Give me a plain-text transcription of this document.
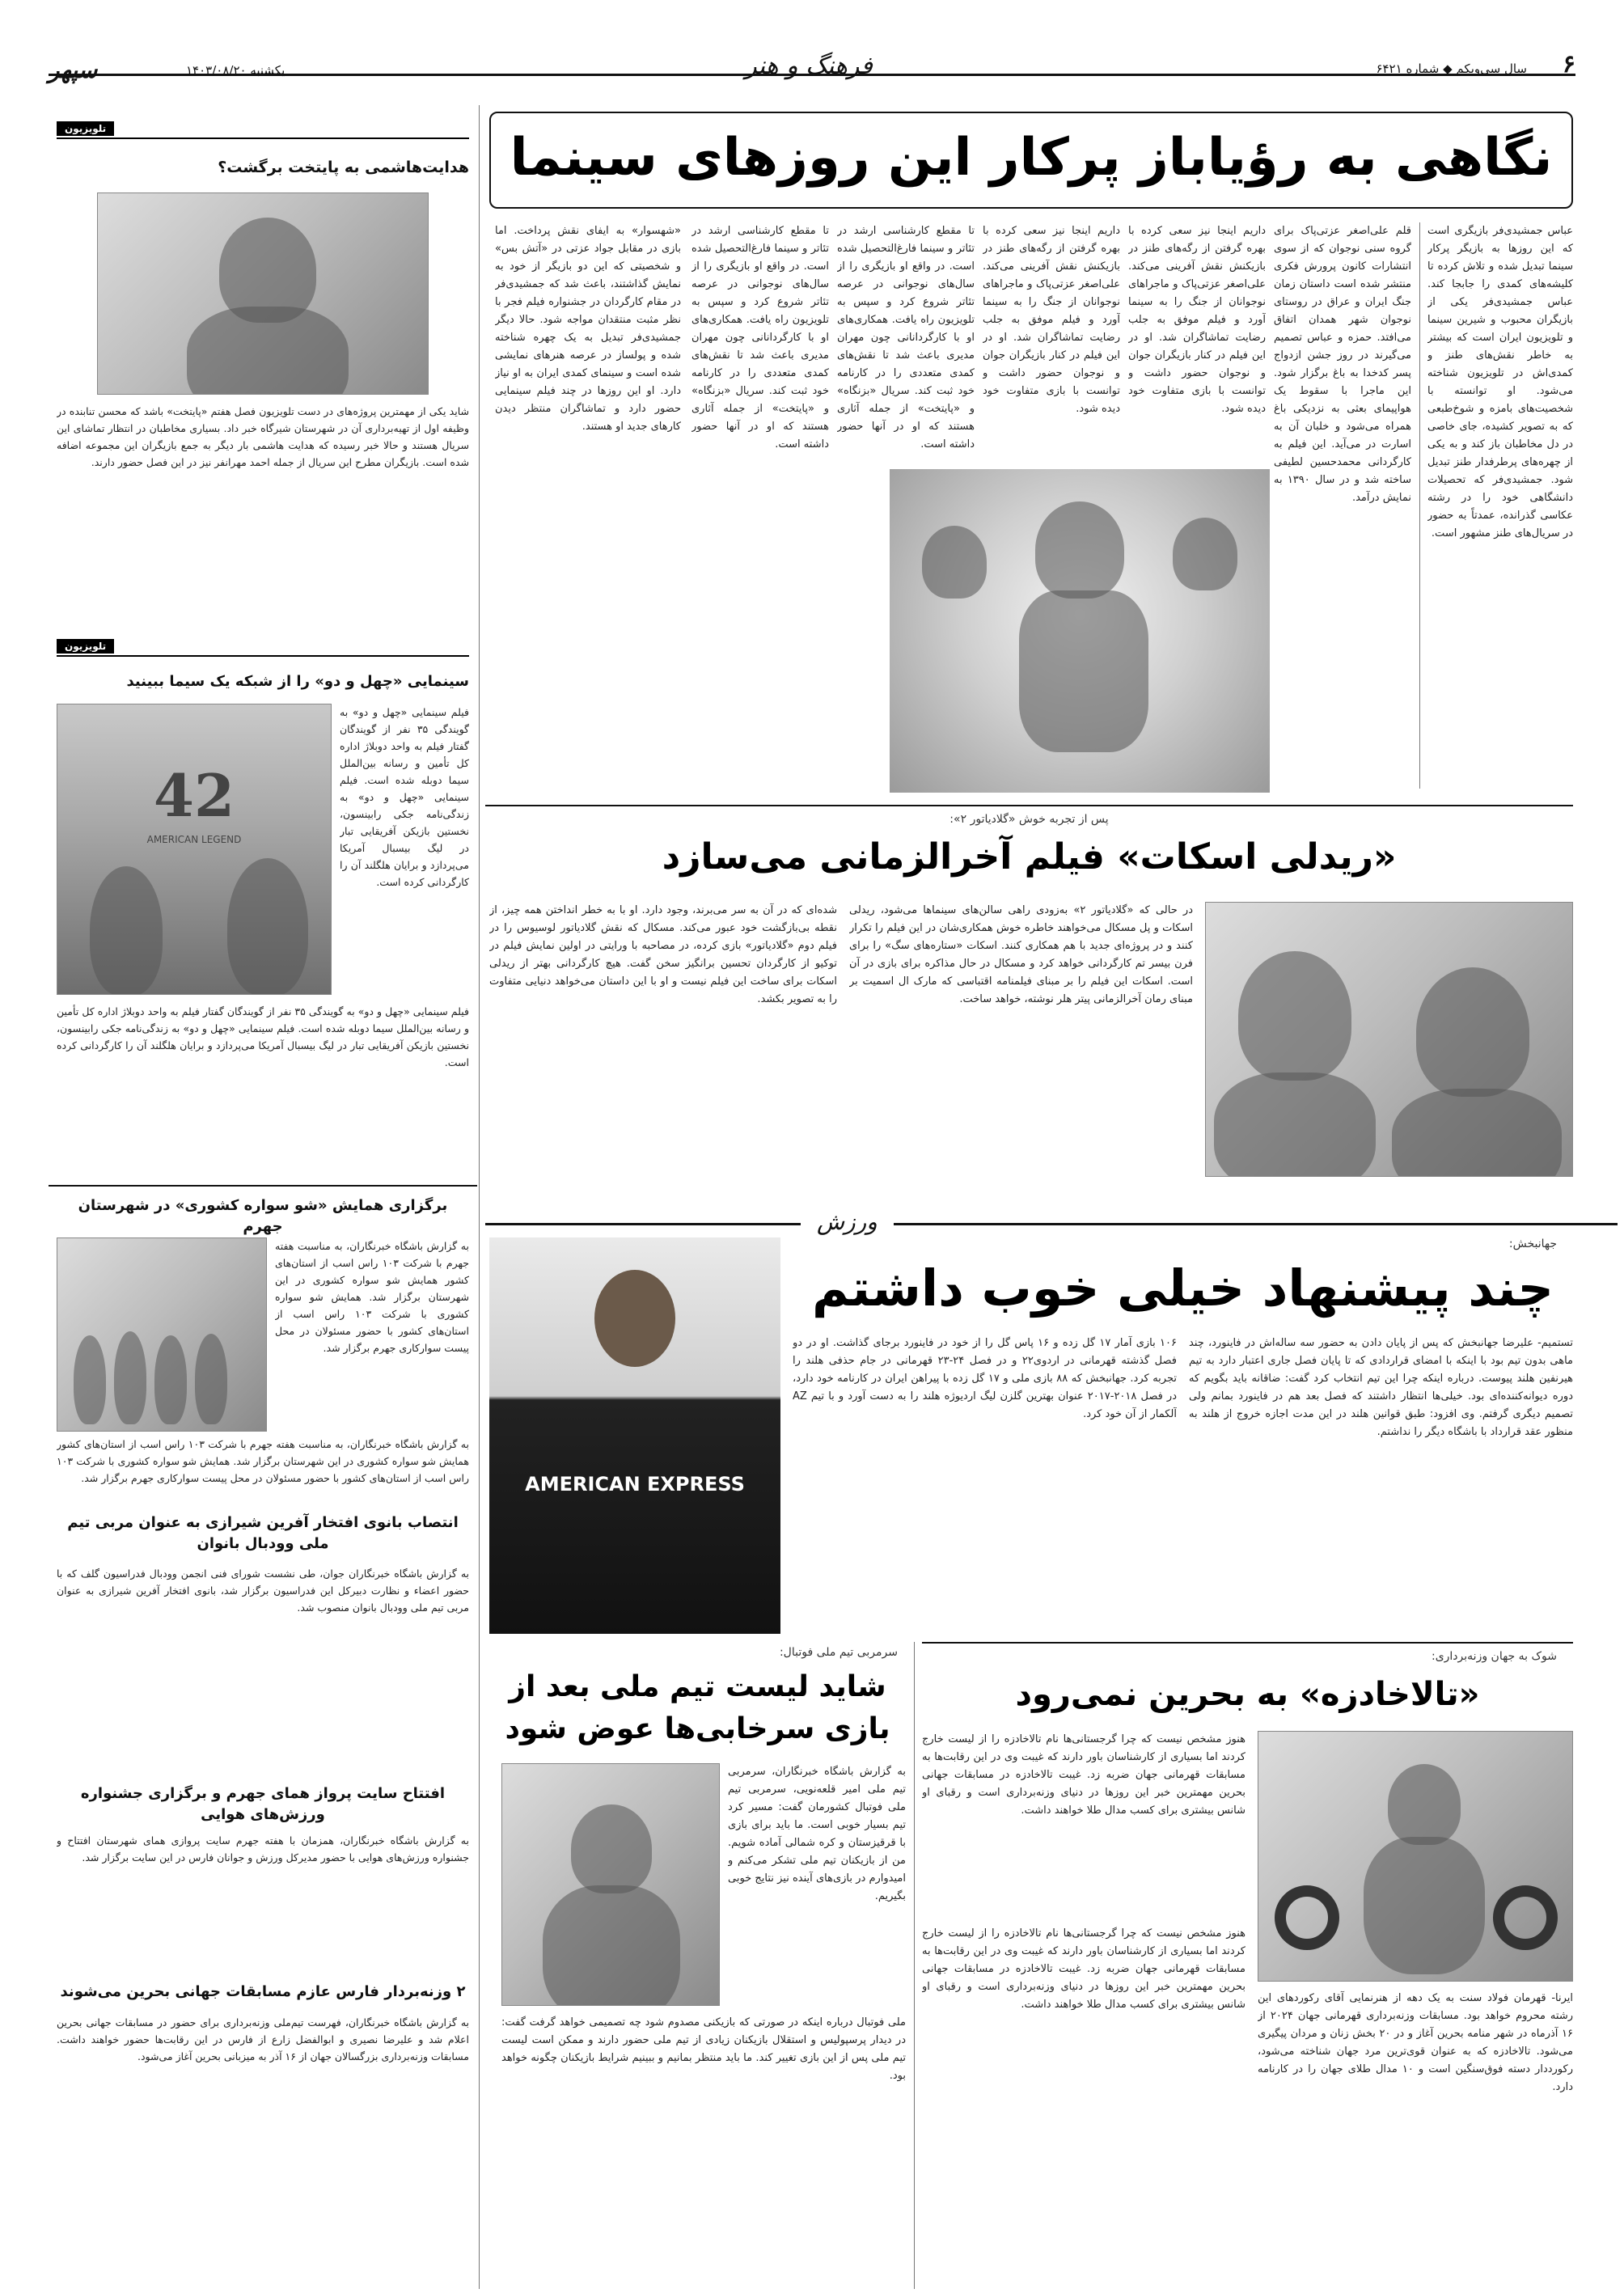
۶
سال سی‌ویکم ◆ شماره ۶۴۲۱
فرهنگ و هنر
سپهر	یکشنبه ۱۴۰۳/۰۸/۲۰
تلویزیون
هدایت‌هاشمی به پایتخت برگشت؟
شاید یکی از مهمترین پروژه‌های در دست تلویزیون فصل هفتم «پایتخت» باشد که محسن تنابنده در وظیفه اول از تهیه‌برداری آن در شهرستان شیرگاه خبر داد. بسیاری مخاطبان در انتظار تماشای این سریال هستند و حالا خبر رسیده که هدایت هاشمی بار دیگر به جمع بازیگران این مجموعه اضافه شده است. بازیگران مطرح این سریال از جمله احمد مهرانفر نیز در این فصل حضور دارند.
تلویزیون
سینمایی «چهل و دو» را از شبکه یک سیما ببینید
42
AMERICAN LEGEND
فیلم سینمایی «چهل و دو» به گویندگی ۳۵ نفر از گویندگان گفتار فیلم به واحد دوبلاژ اداره کل تأمین و رسانه بین‌الملل سیما دوبله شده است. فیلم سینمایی «چهل و دو» به زندگی‌نامه جکی رابینسون، نخستین بازیکن آفریقایی تبار در لیگ بیسبال آمریکا می‌پردازد و برایان هلگلند آن را کارگردانی کرده است.
فیلم سینمایی «چهل و دو» به گویندگی ۳۵ نفر از گویندگان گفتار فیلم به واحد دوبلاژ اداره کل تأمین و رسانه بین‌الملل سیما دوبله شده است. فیلم سینمایی «چهل و دو» به زندگی‌نامه جکی رابینسون، نخستین بازیکن آفریقایی تبار در لیگ بیسبال آمریکا می‌پردازد و برایان هلگلند آن را کارگردانی کرده است.
برگزاری همایش «شو سواره کشوری» در شهرستان جهرم
به گزارش باشگاه خبرنگاران، به مناسبت هفته جهرم با شرکت ۱۰۳ راس اسب از استان‌های کشور همایش شو سواره کشوری در این شهرستان برگزار شد. همایش شو سواره کشوری با شرکت ۱۰۳ راس اسب از استان‌های کشور با حضور مسئولان در محل پیست سوارکاری جهرم برگزار شد.
به گزارش باشگاه خبرنگاران، به مناسبت هفته جهرم با شرکت ۱۰۳ راس اسب از استان‌های کشور همایش شو سواره کشوری در این شهرستان برگزار شد. همایش شو سواره کشوری با شرکت ۱۰۳ راس اسب از استان‌های کشور با حضور مسئولان در محل پیست سوارکاری جهرم برگزار شد.
انتصاب بانوی افتخار آفرین شیرازی به عنوان مربی تیم ملی وودبال بانوان
به گزارش باشگاه خبرنگاران جوان، طی نشست شورای فنی انجمن وودبال فدراسیون گلف که با حضور اعضاء و نظارت دبیرکل این فدراسیون برگزار شد، بانوی افتخار آفرین شیرازی به عنوان مربی تیم ملی وودبال بانوان منصوب شد.
افتتاح سایت پرواز همای جهرم و برگزاری جشنواره ورزش‌های هوایی
به گزارش باشگاه خبرنگاران، همزمان با هفته جهرم سایت پروازی همای شهرستان افتتاح و جشنواره ورزش‌های هوایی با حضور مدیرکل ورزش و جوانان فارس در این سایت برگزار شد.
۲ وزنه‌بردار فارس عازم مسابقات جهانی بحرین می‌شوند
به گزارش باشگاه خبرنگاران، فهرست تیم‌ملی وزنه‌برداری برای حضور در مسابقات جهانی بحرین اعلام شد و علیرضا نصیری و ابوالفضل زارع از فارس در این رقابت‌ها حضور خواهند داشت. مسابقات وزنه‌برداری بزرگسالان جهان از ۱۶ آذر به میزبانی بحرین آغاز می‌شود.
نگاهی به رؤیاباز پرکار این روزهای سینما
عباس جمشیدی‌فر بازیگری است که این روزها به بازیگر پرکار سینما تبدیل شده و تلاش کرده تا کلیشه‌های کمدی را جابجا کند. عباس جمشیدی‌فر یکی از بازیگران محبوب و شیرین سینما و تلویزیون ایران است که بیشتر به خاطر نقش‌های طنز و کمدی‌اش در تلویزیون شناخته می‌شود. او توانسته با شخصیت‌های بامزه و شوخ‌طبعی که به تصویر کشیده، جای خاصی در دل مخاطبان باز کند و به یکی از چهره‌های پرطرفدار طنز تبدیل شود. جمشیدی‌فر که تحصیلات دانشگاهی خود را در رشته عکاسی گذرانده، عمدتاً به حضور در سریال‌های طنز مشهور است.
قلم علی‌اصغر عزتی‌پاک برای گروه سنی نوجوان که از سوی انتشارات کانون پرورش فکری منتشر شده است داستان زمان جنگ ایران و عراق در روستای نوجوان شهر همدان اتفاق می‌افتد. حمزه و عباس تصمیم می‌گیرند در روز جشن ازدواج پسر کدخدا به باغ برگزار شود. این ماجرا با سقوط یک هواپیمای بعثی به نزدیکی باغ همراه می‌شود و خلبان آن به اسارت در می‌آید. این فیلم به کارگردانی محمدحسین لطیفی ساخته شد و در سال ۱۳۹۰ به نمایش درآمد.
داریم اینجا نیز سعی کرده با بهره گرفتن از رگه‌های طنز در بازیکنش نقش آفرینی می‌کند. علی‌اصغر عزتی‌پاک و ماجراهای نوجوانان از جنگ را به سینما آورد و فیلم موفق به جلب رضایت تماشاگران شد. او در این فیلم در کنار بازیگران جوان و نوجوان حضور داشت و توانست با بازی متفاوت خود دیده شود.
داریم اینجا نیز سعی کرده با بهره گرفتن از رگه‌های طنز در بازیکنش نقش آفرینی می‌کند. علی‌اصغر عزتی‌پاک و ماجراهای نوجوانان از جنگ را به سینما آورد و فیلم موفق به جلب رضایت تماشاگران شد. او در این فیلم در کنار بازیگران جوان و نوجوان حضور داشت و توانست با بازی متفاوت خود دیده شود.
تا مقطع کارشناسی ارشد در تئاتر و سینما فارغ‌التحصیل شده است. در واقع او بازیگری را از سال‌های نوجوانی در عرصه تئاتر شروع کرد و سپس به تلویزیون راه یافت. همکاری‌های او با کارگردانانی چون مهران مدیری باعث شد تا نقش‌های کمدی متعددی را در کارنامه خود ثبت کند. سریال «بزنگاه» و «پایتخت» از جمله آثاری هستند که او در آنها حضور داشته است.
تا مقطع کارشناسی ارشد در تئاتر و سینما فارغ‌التحصیل شده است. در واقع او بازیگری را از سال‌های نوجوانی در عرصه تئاتر شروع کرد و سپس به تلویزیون راه یافت. همکاری‌های او با کارگردانانی چون مهران مدیری باعث شد تا نقش‌های کمدی متعددی را در کارنامه خود ثبت کند. سریال «بزنگاه» و «پایتخت» از جمله آثاری هستند که او در آنها حضور داشته است.
«شهسوار» به ایفای نقش پرداخت. اما بازی در مقابل جواد عزتی در «آتش بس» و شخصیتی که این دو بازیگر از خود به نمایش گذاشتند، باعث شد که جمشیدی‌فر در مقام کارگردان در جشنواره فیلم فجر با نظر مثبت منتقدان مواجه شود. حالا دیگر جمشیدی‌فر تبدیل به یک چهره شناخته شده و پولساز در عرصه هنرهای نمایشی شده است و سینمای کمدی ایران به او نیاز دارد. او این روزها در چند فیلم سینمایی حضور دارد و تماشاگران منتظر دیدن کارهای جدید او هستند.
پس از تجربه خوش «گلادیاتور ۲»:
«ریدلی اسکات» فیلم آخرالزمانی می‌سازد
در حالی که «گلادیاتور ۲» به‌زودی راهی سالن‌های سینما‌ها می‌شود، ریدلی اسکات و پل مسکال می‌خواهند خاطره خوش همکاری‌شان در این فیلم را تکرار کنند و در پروژه‌ای جدید با هم همکاری کنند. اسکات «ستاره‌های سگ» را برای فرن بیسر تم کارگردانی خواهد کرد و مسکال در حال مذاکره برای بازی در آن است. اسکات این فیلم را بر مبنای فیلمنامه اقتباسی که مارک ال اسمیت بر مبنای رمان آخرالزمانی پیتر هلر نوشته، خواهد ساخت.
شده‌ای که در آن به سر می‌برند، وجود دارد. او با به خطر انداختن همه چیز، از نقطه بی‌بازگشت خود عبور می‌کند. مسکال که نقش گلادیاتور لوسیوس را در فیلم دوم «گلادیاتور» بازی کرده، در مصاحبه با ورایتی در اولین نمایش فیلم در توکیو از کارگردان تحسین برانگیز سخن گفت. هیچ کارگردانی بهتر از ریدلی اسکات برای ساخت این فیلم نیست و او با این داستان می‌خواهد دنیایی متفاوت را به تصویر بکشد.
ورزش
AMERICAN EXPRESS
جهانبخش:
چند پیشنهاد خیلی خوب داشتم
تستمیم- علیرضا جهانبخش که پس از پایان دادن به حضور سه ساله‌اش در فاینورد، چند ماهی بدون تیم بود با اینکه با امضای قراردادی که تا پایان فصل جاری اعتبار دارد به تیم هیرنفین هلند پیوست. درباره اینکه چرا این تیم انتخاب کرد گفت: ضاقانه باید بگویم که دوره دیوانه‌کننده‌ای بود. خیلی‌ها انتظار داشتند که فصل بعد هم در فاینورد بمانم ولی تصمیم دیگری گرفتم. وی افزود: طبق قوانین هلند در این مدت اجازه خروج از هلند به منظور عقد قرارداد با باشگاه دیگر را نداشتم.
۱۰۶ بازی آمار ۱۷ گل زده و ۱۶ پاس گل را از خود در فاینورد برجای گذاشت. او در دو فصل گذشته قهرمانی در اردوی‌۲۲ و در فصل ۲۴-۲۳ قهرمانی در جام حذفی هلند را تجربه کرد. جهانبخش که ۸۸ بازی ملی و ۱۷ گل زده با پیراهن ایران در کارنامه خود دارد، در فصل ۲۰۱۸-۲۰۱۷ عنوان بهترین گلزن لیگ اردیوژه هلند را به دست آورد و با تیم AZ آلکمار از آن خود کرد.
شوک به جهان وزنه‌برداری:
«تالاخادزه» به بحرین نمی‌رود
هنوز مشخص نیست که چرا گرجستانی‌ها نام تالاخادزه را از لیست خارج کردند اما بسیاری از کارشناسان باور دارند که غیبت وی در این رقابت‌ها به مسابقات قهرمانی جهان ضربه زد. غیبت تالاخادزه در مسابقات جهانی بحرین مهمترین خبر این روزها در دنیای وزنه‌برداری است و رقبای او شانس بیشتری برای کسب مدال طلا خواهند داشت.
هنوز مشخص نیست که چرا گرجستانی‌ها نام تالاخادزه را از لیست خارج کردند اما بسیاری از کارشناسان باور دارند که غیبت وی در این رقابت‌ها به مسابقات قهرمانی جهان ضربه زد. غیبت تالاخادزه در مسابقات جهانی بحرین مهمترین خبر این روزها در دنیای وزنه‌برداری است و رقبای او شانس بیشتری برای کسب مدال طلا خواهند داشت.
ایرنا- قهرمان فولاد سنت به یک دهه از هنرنمایی آقای رکوردهای این رشته محروم خواهد بود. مسابقات وزنه‌برداری قهرمانی جهان ۲۰۲۴ از ۱۶ آذرماه در شهر منامه بحرین آغاز و در ۲۰ بخش زنان و مردان پیگیری می‌شود. تالاخادزه که به عنوان قوی‌ترین مرد جهان شناخته می‌شود، رکورددار دسته فوق‌سنگین است و ۱۰ مدال طلای جهان را در کارنامه دارد.
سرمربی تیم ملی فوتبال:
شاید لیست تیم ملی بعد از بازی سرخابی‌ها عوض شود
به گزارش باشگاه خبرنگاران، سرمربی تیم ملی امیر قلعه‌نویی، سرمربی تیم ملی فوتبال کشورمان گفت: مسیر کرد تیم بسیار خوبی است. ما باید برای بازی با قرقیزستان و کره شمالی آماده شویم. من از بازیکنان تیم ملی تشکر می‌کنم و امیدوارم در بازی‌های آینده نیز نتایج خوبی بگیریم.
ملی فوتبال درباره اینکه در صورتی که بازیکنی مصدوم شود چه تصمیمی خواهد گرفت گفت: در دیدار پرسپولیس و استقلال بازیکنان زیادی از تیم ملی حضور دارند و ممکن است لیست تیم ملی پس از این بازی تغییر کند. ما باید منتظر بمانیم و ببینیم شرایط بازیکنان چگونه خواهد بود.
